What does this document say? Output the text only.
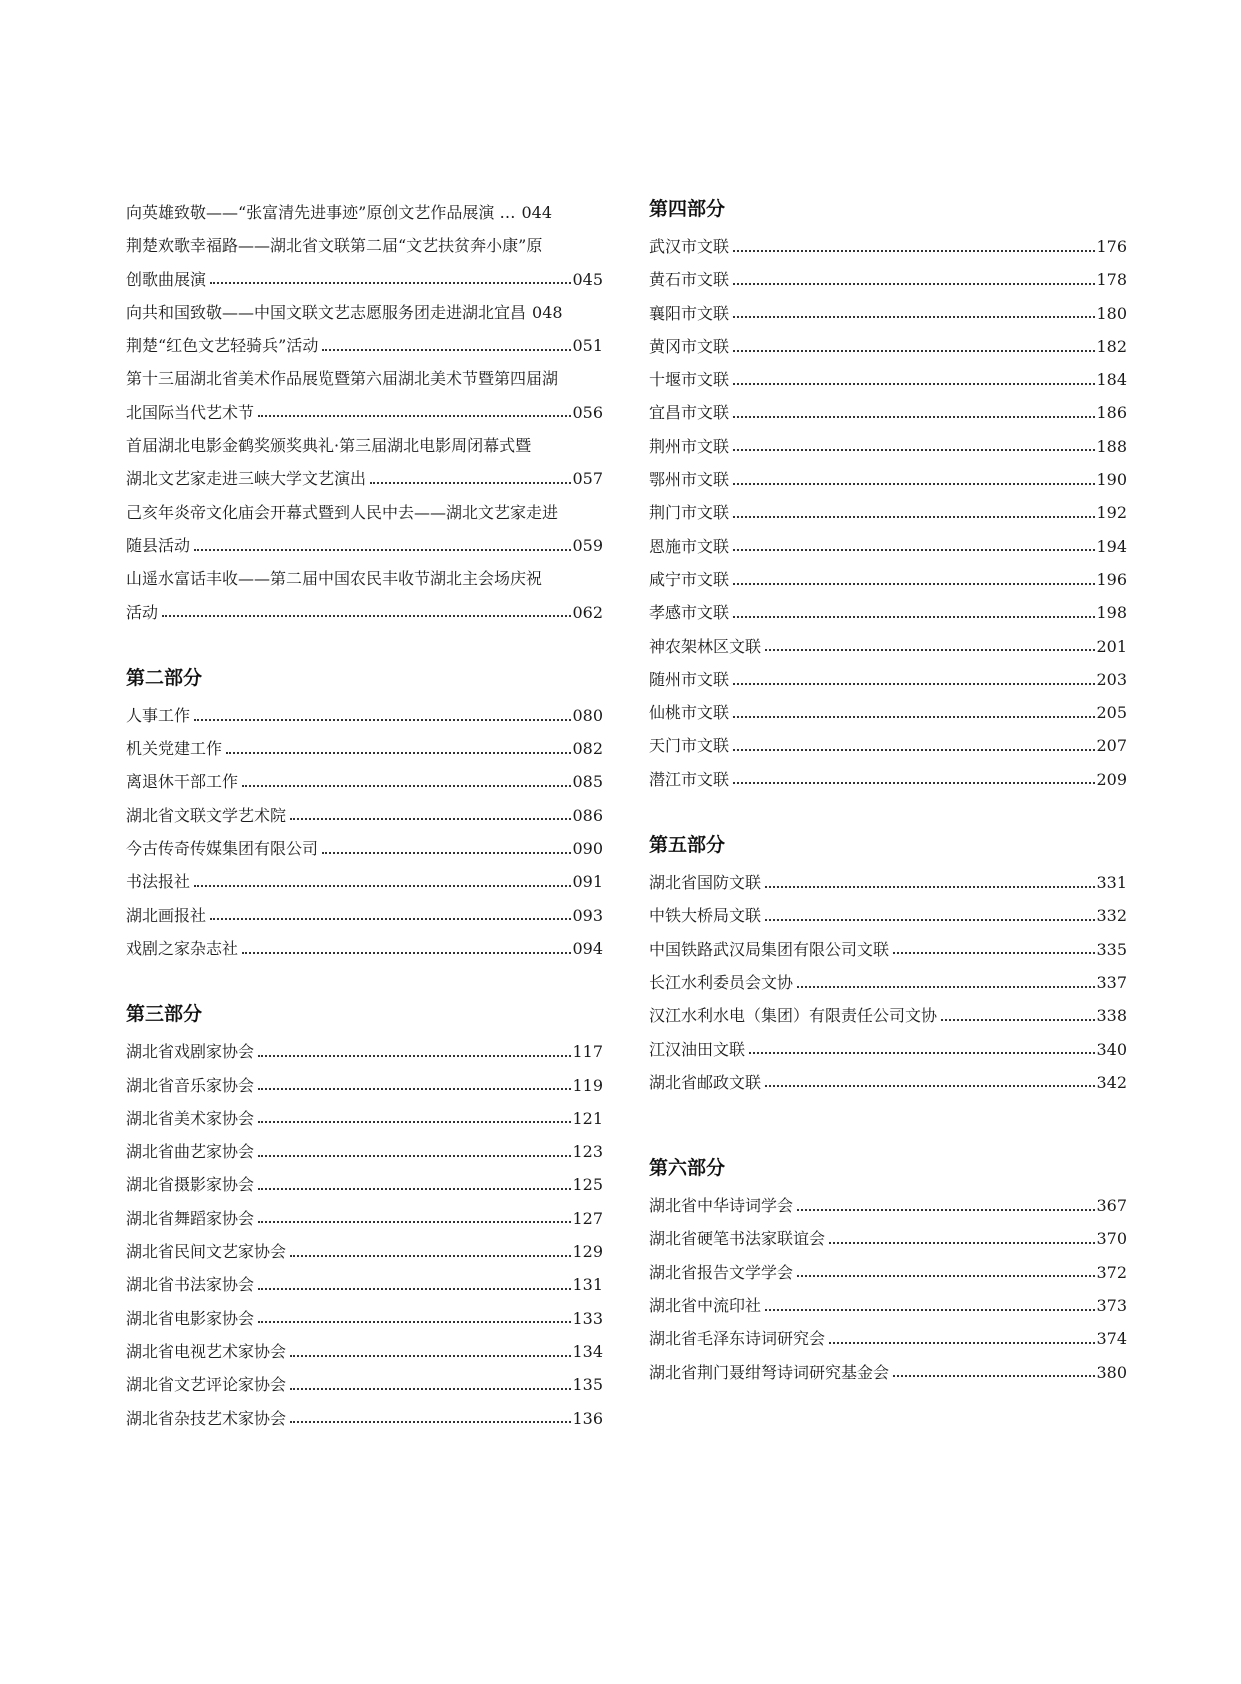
向英雄致敬——“张富清先进事迹”原创文艺作品展演 … 044
荆楚欢歌幸福路——湖北省文联第二届“文艺扶贫奔小康”原
创歌曲展演	045
向共和国致敬——中国文联文艺志愿服务团走进湖北宜昌 048
荆楚“红色文艺轻骑兵”活动	051
第十三届湖北省美术作品展览暨第六届湖北美术节暨第四届湖
北国际当代艺术节	056
首届湖北电影金鹤奖颁奖典礼·第三届湖北电影周闭幕式暨
湖北文艺家走进三峡大学文艺演出	057
己亥年炎帝文化庙会开幕式暨到人民中去——湖北文艺家走进
随县活动	059
山遥水富话丰收——第二届中国农民丰收节湖北主会场庆祝
活动	062
第二部分
人事工作	080
机关党建工作	082
离退休干部工作	085
湖北省文联文学艺术院	086
今古传奇传媒集团有限公司	090
书法报社	091
湖北画报社	093
戏剧之家杂志社	094
第三部分
湖北省戏剧家协会	117
湖北省音乐家协会	119
湖北省美术家协会	121
湖北省曲艺家协会	123
湖北省摄影家协会	125
湖北省舞蹈家协会	127
湖北省民间文艺家协会	129
湖北省书法家协会	131
湖北省电影家协会	133
湖北省电视艺术家协会	134
湖北省文艺评论家协会	135
湖北省杂技艺术家协会	136
第四部分
武汉市文联	176
黄石市文联	178
襄阳市文联	180
黄冈市文联	182
十堰市文联	184
宜昌市文联	186
荆州市文联	188
鄂州市文联	190
荆门市文联	192
恩施市文联	194
咸宁市文联	196
孝感市文联	198
神农架林区文联	201
随州市文联	203
仙桃市文联	205
天门市文联	207
潜江市文联	209
第五部分
湖北省国防文联	331
中铁大桥局文联	332
中国铁路武汉局集团有限公司文联	335
长江水利委员会文协	337
汉江水利水电（集团）有限责任公司文协	338
江汉油田文联	340
湖北省邮政文联	342
第六部分
湖北省中华诗词学会	367
湖北省硬笔书法家联谊会	370
湖北省报告文学学会	372
湖北省中流印社	373
湖北省毛泽东诗词研究会	374
湖北省荆门聂绀弩诗词研究基金会	380
